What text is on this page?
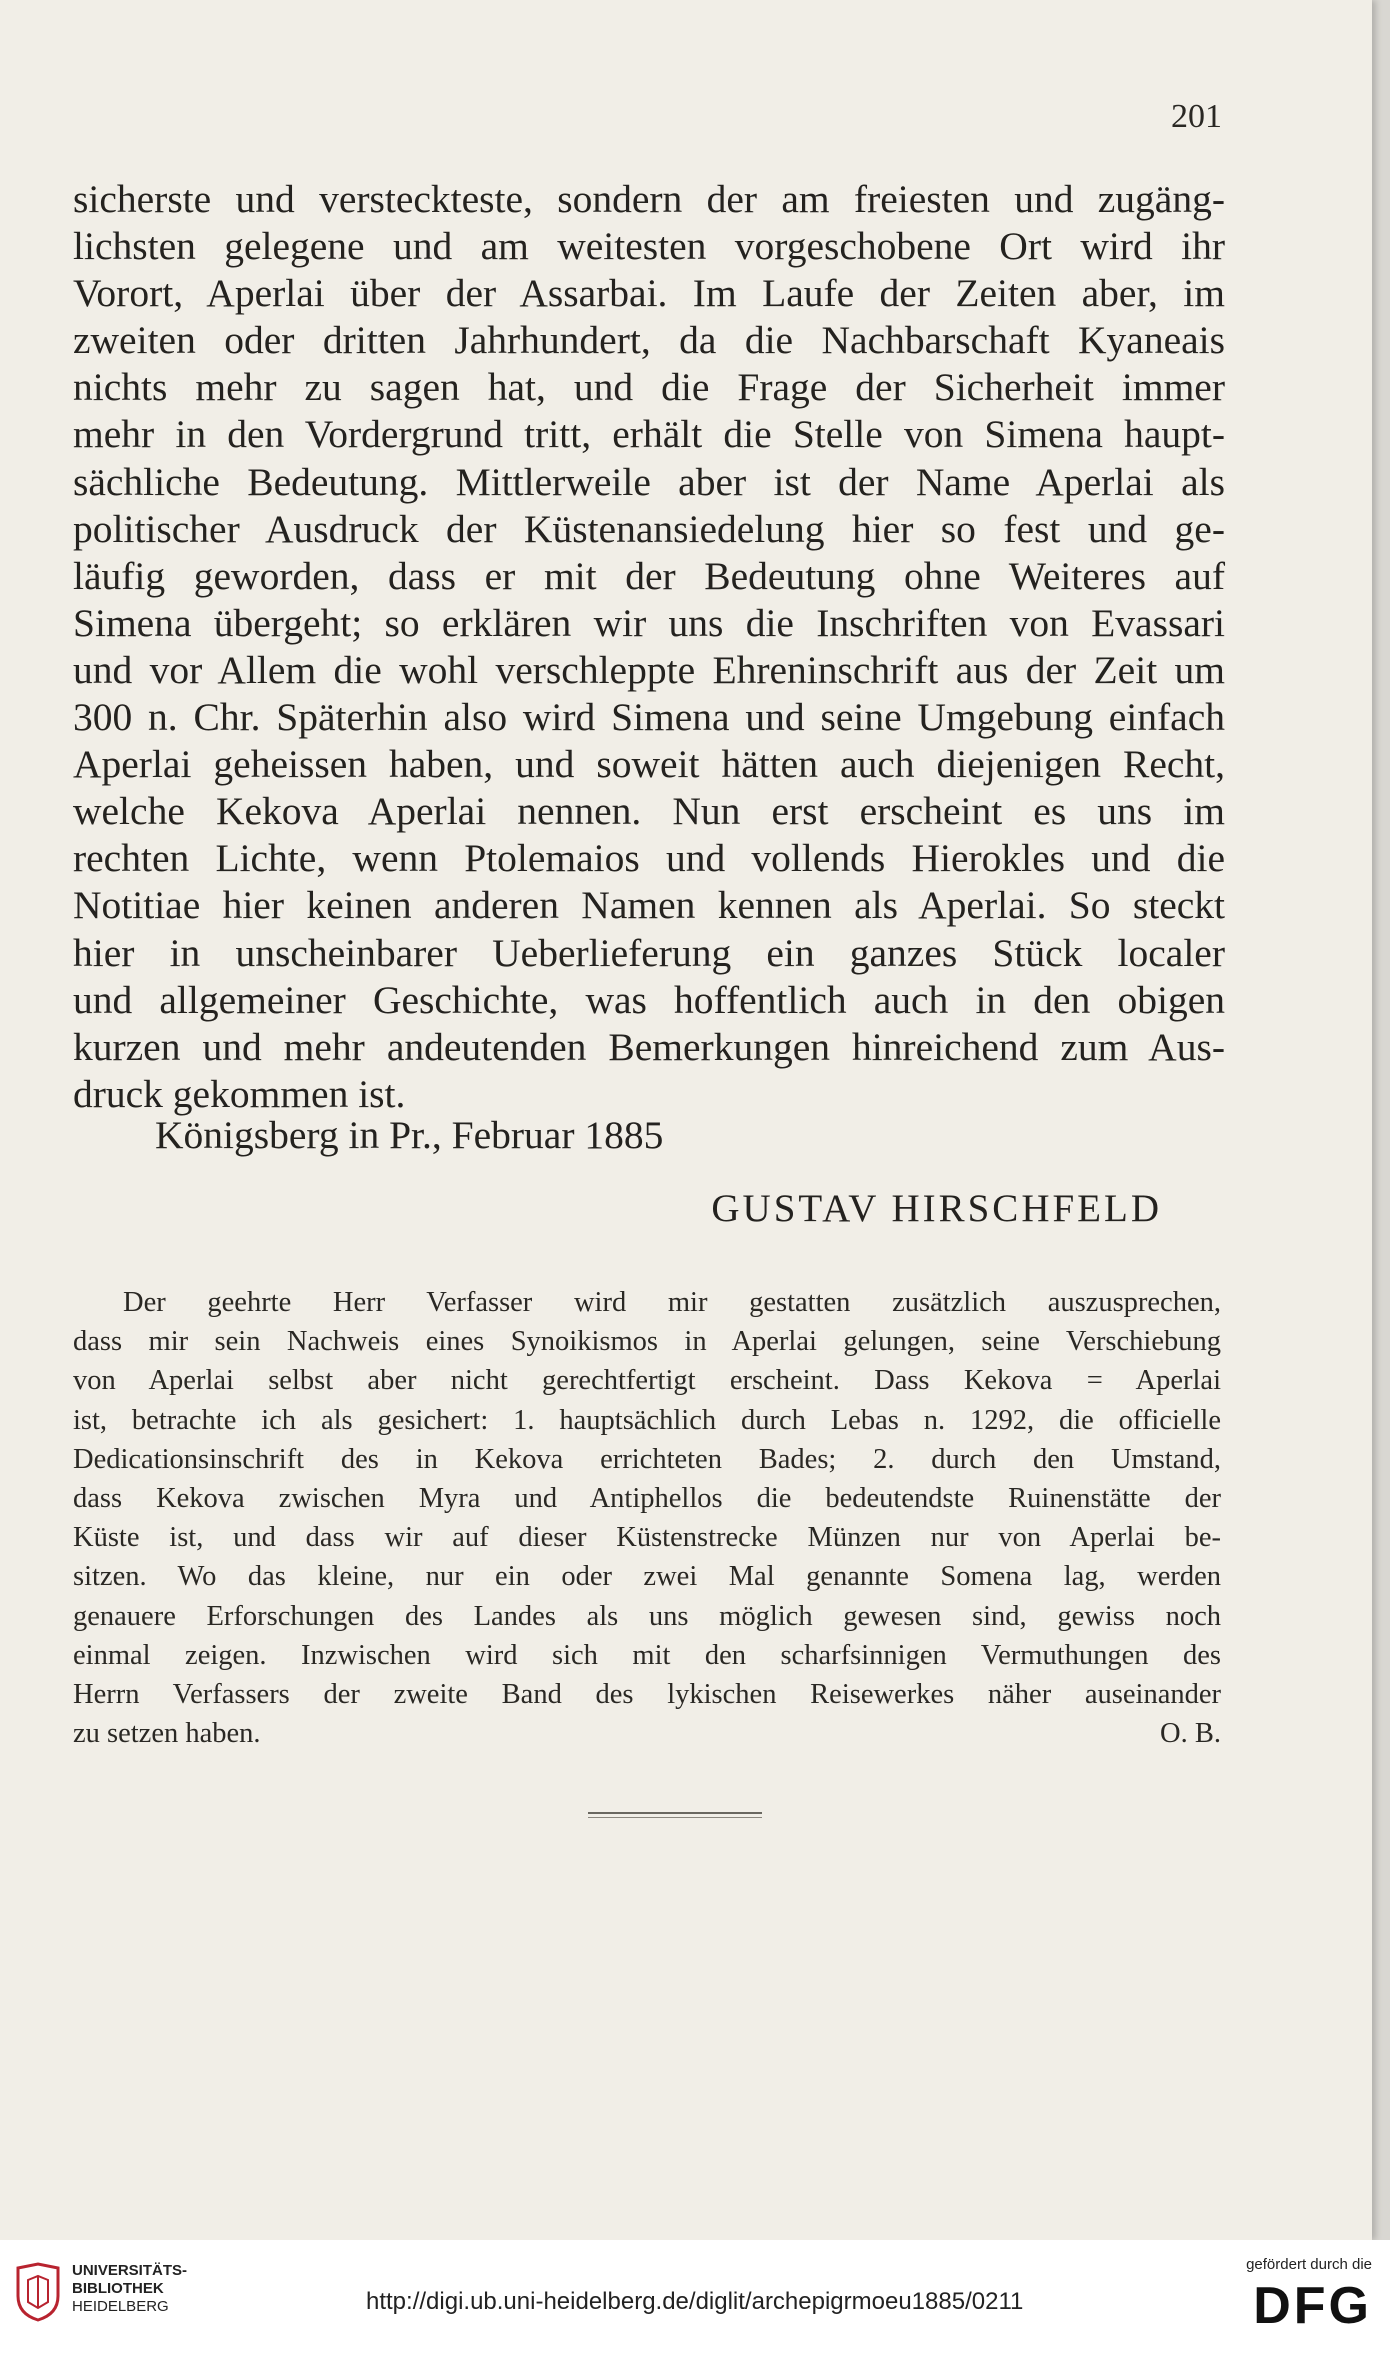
201
sicherste und versteckteste, sondern der am freiesten und zugäng-
lichsten gelegene und am weitesten vorgeschobene Ort wird ihr
Vorort, Aperlai über der Assarbai. Im Laufe der Zeiten aber, im
zweiten oder dritten Jahrhundert, da die Nachbarschaft Kyaneais
nichts mehr zu sagen hat, und die Frage der Sicherheit immer
mehr in den Vordergrund tritt, erhält die Stelle von Simena haupt-
sächliche Bedeutung. Mittlerweile aber ist der Name Aperlai als
politischer Ausdruck der Küstenansiedelung hier so fest und ge-
läufig geworden, dass er mit der Bedeutung ohne Weiteres auf
Simena übergeht; so erklären wir uns die Inschriften von Evassari
und vor Allem die wohl verschleppte Ehreninschrift aus der Zeit um
300 n. Chr. Späterhin also wird Simena und seine Umgebung einfach
Aperlai geheissen haben, und soweit hätten auch diejenigen Recht,
welche Kekova Aperlai nennen. Nun erst erscheint es uns im
rechten Lichte, wenn Ptolemaios und vollends Hierokles und die
Notitiae hier keinen anderen Namen kennen als Aperlai. So steckt
hier in unscheinbarer Ueberlieferung ein ganzes Stück localer
und allgemeiner Geschichte, was hoffentlich auch in den obigen
kurzen und mehr andeutenden Bemerkungen hinreichend zum Aus-
druck gekommen ist.
Königsberg in Pr., Februar 1885
GUSTAV HIRSCHFELD
Der geehrte Herr Verfasser wird mir gestatten zusätzlich auszusprechen,
dass mir sein Nachweis eines Synoikismos in Aperlai gelungen, seine Verschiebung
von Aperlai selbst aber nicht gerechtfertigt erscheint. Dass Kekova = Aperlai
ist, betrachte ich als gesichert: 1. hauptsächlich durch Lebas n. 1292, die officielle
Dedicationsinschrift des in Kekova errichteten Bades; 2. durch den Umstand,
dass Kekova zwischen Myra und Antiphellos die bedeutendste Ruinenstätte der
Küste ist, und dass wir auf dieser Küstenstrecke Münzen nur von Aperlai be-
sitzen. Wo das kleine, nur ein oder zwei Mal genannte Somena lag, werden
genauere Erforschungen des Landes als uns möglich gewesen sind, gewiss noch
einmal zeigen. Inzwischen wird sich mit den scharfsinnigen Vermuthungen des
Herrn Verfassers der zweite Band des lykischen Reisewerkes näher auseinander
zu setzen haben.	O. B.
UNIVERSITÄTS-
BIBLIOTHEK
HEIDELBERG	http://digi.ub.uni-heidelberg.de/diglit/archepigrmoeu1885/0211
gefördert durch die
DFG
